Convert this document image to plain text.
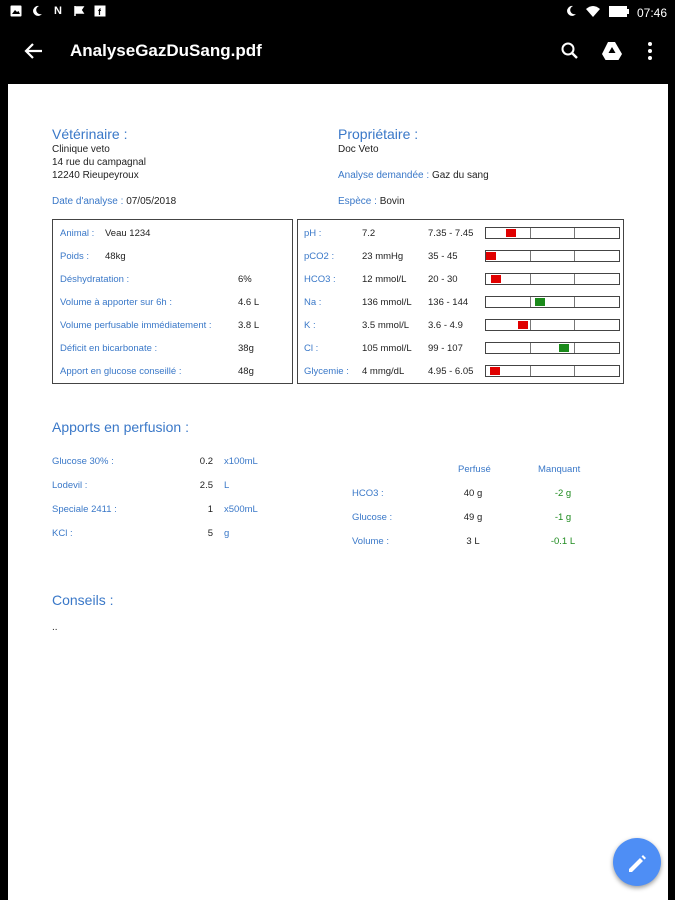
N	f	07:46
AnalyseGazDuSang.pdf
Vétérinaire :
Clinique veto
14 rue du campagnal
12240 Rieupeyroux
Date d'analyse : 07/05/2018
Propriétaire :
Doc Veto
Analyse demandée : Gaz du sang
Espèce : Bovin
Animal : Veau 1234
Poids : 48kg
Déshydratation :	6%
Volume à apporter sur 6h :	4.6 L
Volume perfusable immédiatement :	3.8 L
Déficit en bicarbonate :	38g
Apport en glucose conseillé :	48g
pH :	7.2	7.35 - 7.45
pCO2 :	23 mmHg	35 - 45
HCO3 :	12 mmol/L 20 - 30
Na :	136 mmol/L 136 - 144
K :	3.5 mmol/L 3.6 - 4.9
Cl :	105 mmol/L 99 - 107
Glycemie : 4 mmg/dL	4.95 - 6.05
Apports en perfusion :
Glucose 30% :	0.2 x100mL
Lodevil :	2.5 L
Speciale 2411 :	1 x500mL
KCl :	5 g
Perfusé	Manquant
HCO3 :	40 g	-2 g
Glucose :	49 g	-1 g
Volume :	3 L	-0.1 L
Conseils :
..
